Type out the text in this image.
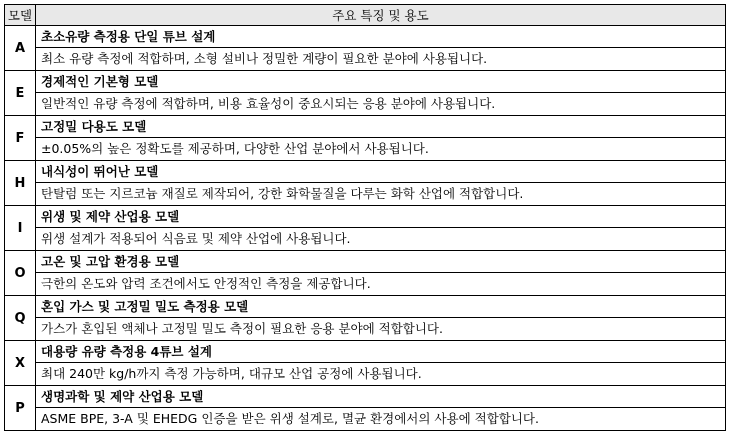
모델	주요 특징 및 용도
A	초소유량 측정용 단일 튜브 설계
최소 유량 측정에 적합하며, 소형 설비나 정밀한 계량이 필요한 분야에 사용됩니다.

E	경제적인 기본형 모델
일반적인 유량 측정에 적합하며, 비용 효율성이 중요시되는 응용 분야에 사용됩니다.

F	고정밀 다용도 모델
±0.05%의 높은 정확도를 제공하며, 다양한 산업 분야에서 사용됩니다.

H	내식성이 뛰어난 모델
탄탈럼 또는 지르코늄 재질로 제작되어, 강한 화학물질을 다루는 화학 산업에 적합합니다.

I	위생 및 제약 산업용 모델
위생 설계가 적용되어 식음료 및 제약 산업에 사용됩니다.

O	고온 및 고압 환경용 모델
극한의 온도와 압력 조건에서도 안정적인 측정을 제공합니다.

Q	혼입 가스 및 고정밀 밀도 측정용 모델
가스가 혼입된 액체나 고정밀 밀도 측정이 필요한 응용 분야에 적합합니다.

X	대용량 유량 측정용 4튜브 설계
최대 240만 kg/h까지 측정 가능하며, 대규모 산업 공정에 사용됩니다.

P	생명과학 및 제약 산업용 모델
ASME BPE, 3-A 및 EHEDG 인증을 받은 위생 설계로, 멸균 환경에서의 사용에 적합합니다.
